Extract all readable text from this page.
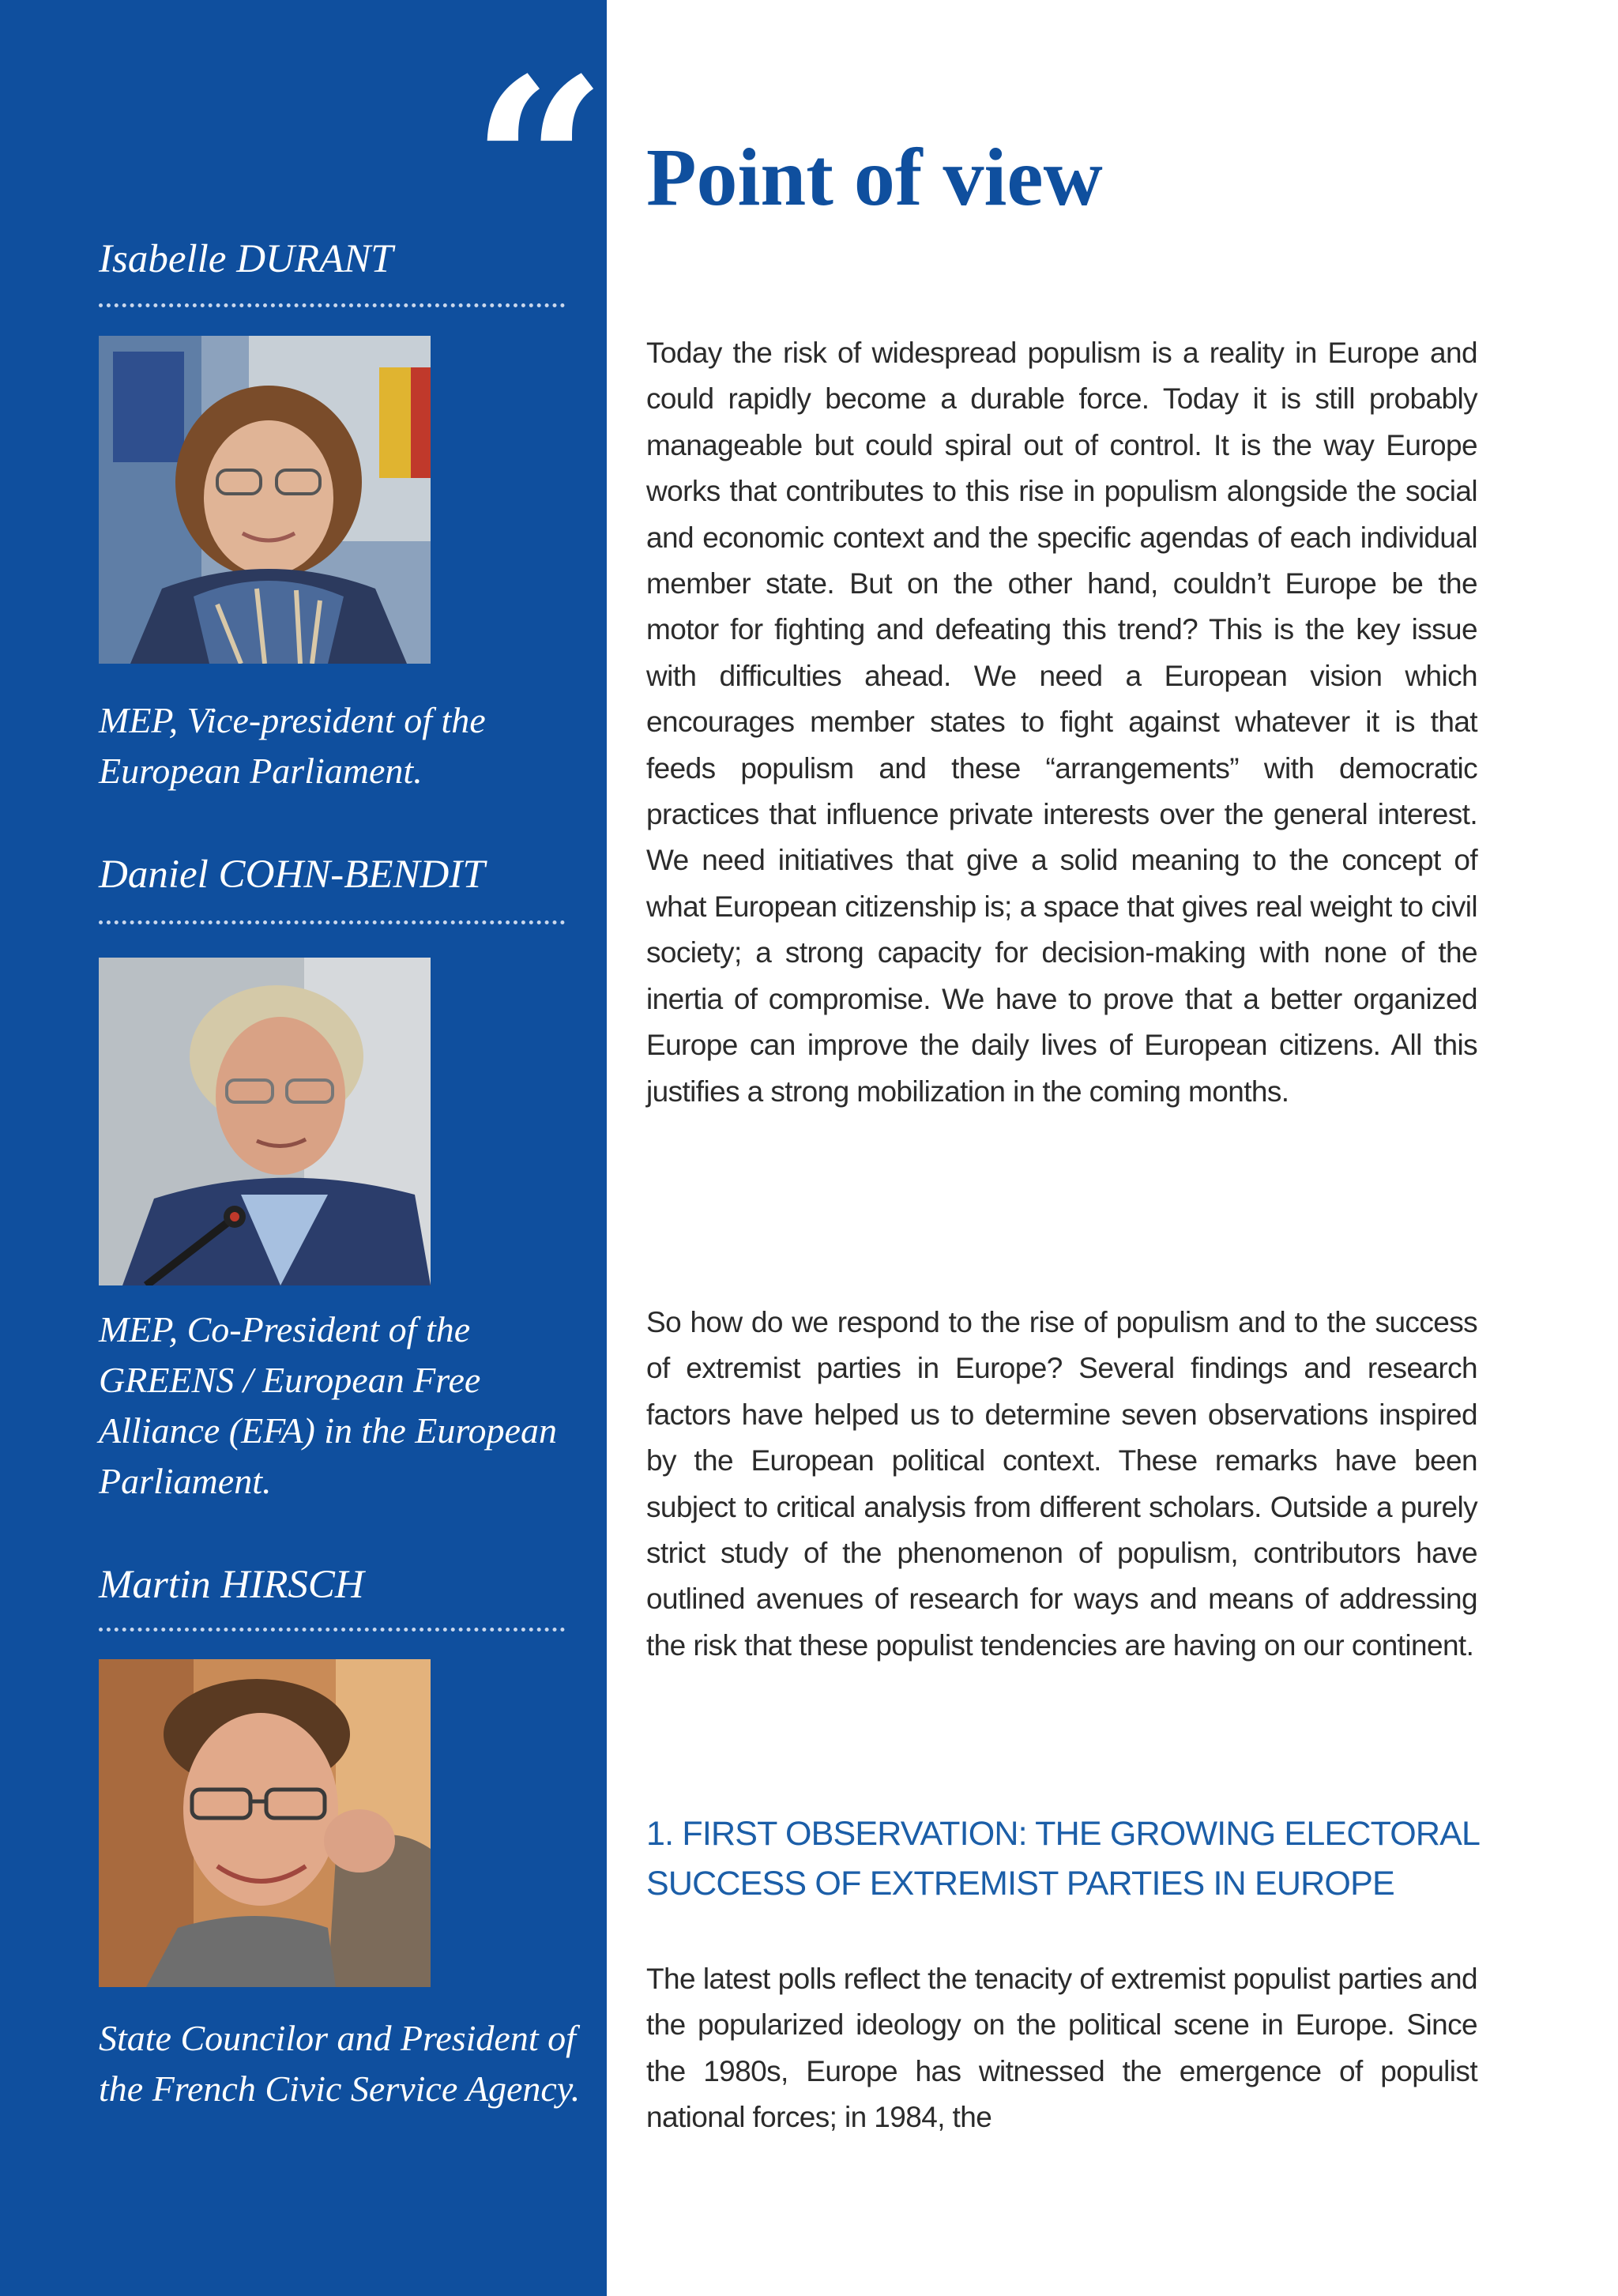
“
Isabelle DURANT
MEP, Vice-president of the European Parliament.
Daniel COHN-BENDIT
MEP, Co-President of the GREENS / European Free Alliance (EFA) in the European Parliament.
Martin HIRSCH
State Councilor and President of the French Civic Service Agency.
Point of view

Today the risk of widespread populism is a reality in Europe and could rapidly become a durable force. Today it is still probably manageable but could spiral out of control. It is the way Europe works that contributes to this rise in populism alongside the social and economic context and the specific agendas of each individual member state. But on the other hand, couldn’t Europe be the motor for fighting and defeating this trend? This is the key issue with difficulties ahead. We need a European vision which encourages member states to fight against whatever it is that feeds populism and these “arrangements” with democratic practices that influence private interests over the general interest. We need initiatives that give a solid meaning to the concept of what European citizenship is; a space that gives real weight to civil society; a strong capacity for decision-making with none of the inertia of compromise. We have to prove that a better organized Europe can improve the daily lives of European citizens. All this justifies a strong mobilization in the coming months.

So how do we respond to the rise of populism and to the success of extremist parties in Europe? Several findings and research factors have helped us to determine seven observations inspired by the European political context. These remarks have been subject to critical analysis from different scholars. Outside a purely strict study of the phenomenon of populism, contributors have outlined avenues of research for ways and means of addressing the risk that these populist tendencies are having on our continent.

1. FIRST OBSERVATION: THE GROWING ELECTORAL SUCCESS OF EXTREMIST PARTIES IN EUROPE

The latest polls reflect the tenacity of extremist populist parties and the popularized ideology on the political scene in Europe. Since the 1980s, Europe has witnessed the emergence of populist national forces; in 1984, the
